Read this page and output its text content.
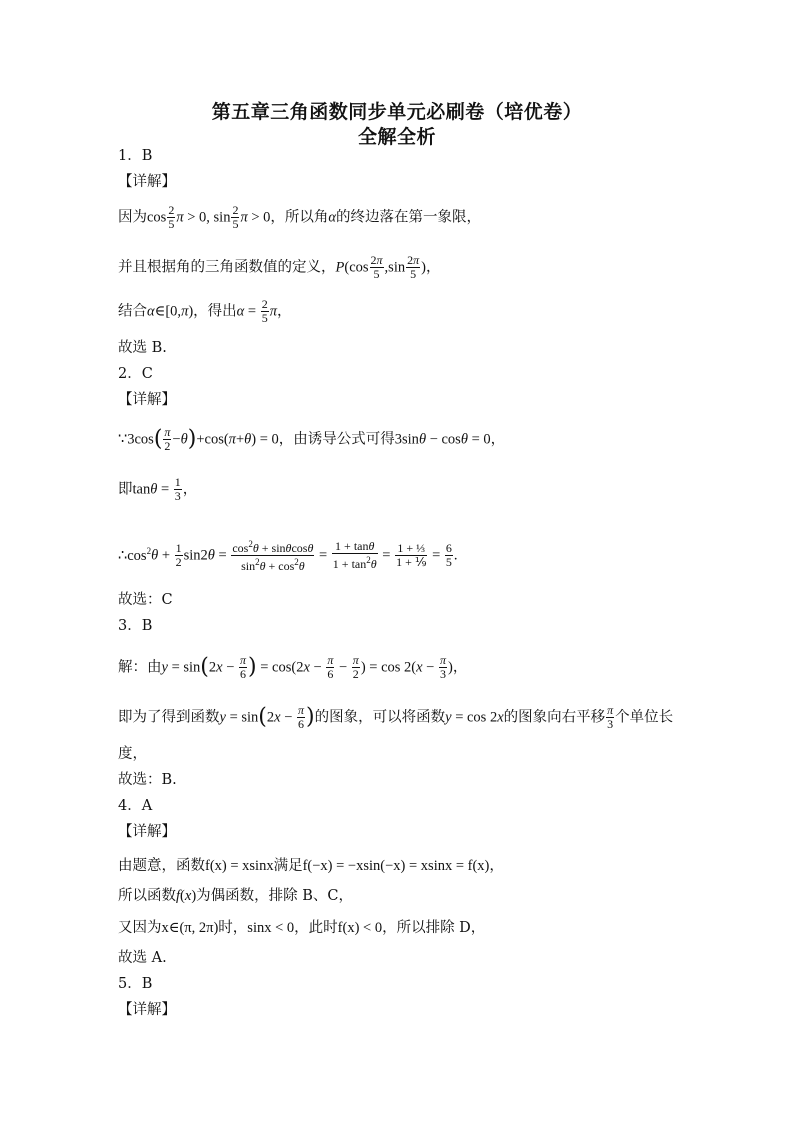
第五章三角函数同步单元必刷卷（培优卷）
全解全析
1．B
【详解】
因为$\cos \frac{2}{5}$ π > 0, $\sin \frac{2}{5}$ π > 0，所以角α的终边落在第一象限，
并且根据角的三角函数值的定义，$P(\cos \frac{2\pi}{5} ,\sin \frac{2\pi}{5}$ )，
结合α∈[0,π)，得出$\alpha = \frac{2}{5}$ π，
故选 B.
2．C
【详解】
∵3cos( $\frac{\pi}{2} -\theta)+\cos(\pi+\theta) = 0$，由诱导公式可得3sinθ − cosθ = 0，
即$\tan\theta = \frac{1}{3}$ ，
$\therefore\cos^2\theta + \frac{1}{2} \sin 2\theta = \frac{\cos^2\theta + \sin\theta\cos\theta}{\sin^2\theta + \cos^2\theta} = \frac{1 + \tan\theta}{1 + \tan^2\theta} = \frac{\text{1 + ⅓}}{\text{1 + ⅑}} = \frac{6}{5}$ .
故选：C
3．B
解：由$y = \sin(2x - \frac{\pi}{6}$ ) = $\cos(2x - \frac{\pi}{6} - \frac{\pi}{2}$ ) = $\cos 2(x - \frac{\pi}{3}$ )，
即为了得到函数$y = \sin(2x - \frac{\pi}{6}$ )的图象，可以将函数y = cos 2x的图象向右平移 $\frac{\pi}{3}$ 个单位长
度，
故选：B.
4．A
【详解】
由题意，函数f(x) = xsinx满足f(−x) = −xsin(−x) = xsinx = f(x)，
所以函数f(x)为偶函数，排除 B、C，
又因为x∈(π, 2π)时，sinx < 0，此时f(x) < 0，所以排除 D，
故选 A.
5．B
【详解】
